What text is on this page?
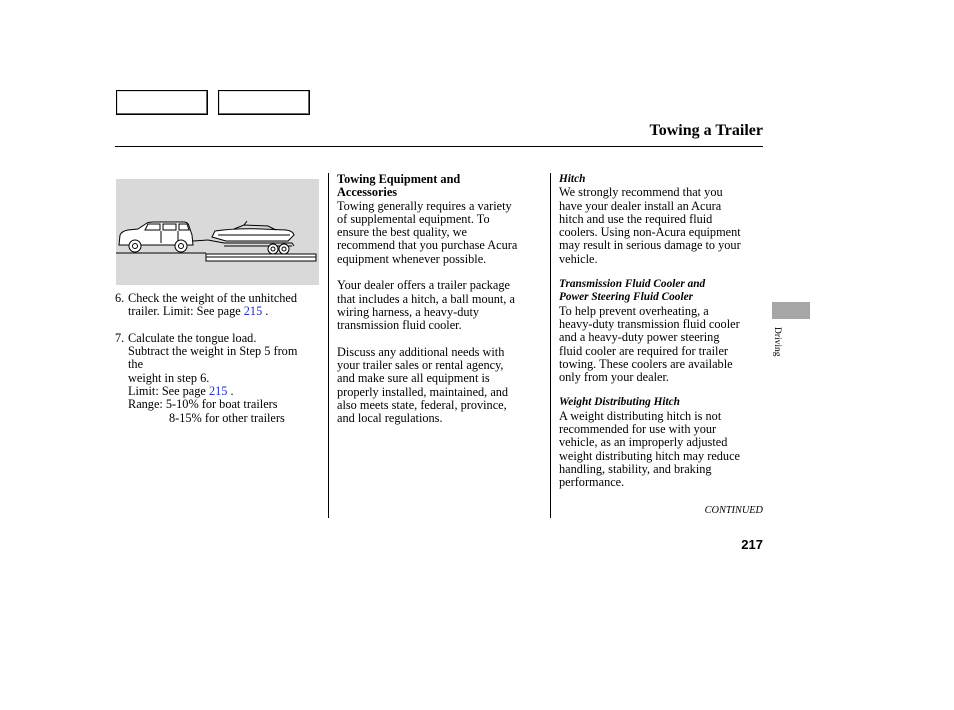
Towing a Trailer
6. Check the weight of the unhitched

trailer. Limit: See page 215 .

7. Calculate the tongue load.

Subtract the weight in Step 5 from

the

weight in step 6.

Limit: See page 215 .

Range: 5-10% for boat trailers

8-15% for other trailers

Towing Equipment and

Accessories

Towing generally requires a variety

of supplemental equipment. To

ensure the best quality, we

recommend that you purchase Acura

equipment whenever possible.

Your dealer offers a trailer package

that includes a hitch, a ball mount, a

wiring harness, a heavy-duty

transmission fluid cooler.

Discuss any additional needs with

your trailer sales or rental agency,

and make sure all equipment is

properly installed, maintained, and

also meets state, federal, province,

and local regulations.

Hitch

We strongly recommend that you

have your dealer install an Acura

hitch and use the required fluid

coolers. Using non-Acura equipment

may result in serious damage to your

vehicle.

Transmission Fluid Cooler and

Power Steering Fluid Cooler

To help prevent overheating, a

heavy-duty transmission fluid cooler

and a heavy-duty power steering

fluid cooler are required for trailer

towing. These coolers are available

only from your dealer.

Weight Distributing Hitch

A weight distributing hitch is not

recommended for use with your

vehicle, as an improperly adjusted

weight distributing hitch may reduce

handling, stability, and braking

performance.

CONTINUED
217
Driving
